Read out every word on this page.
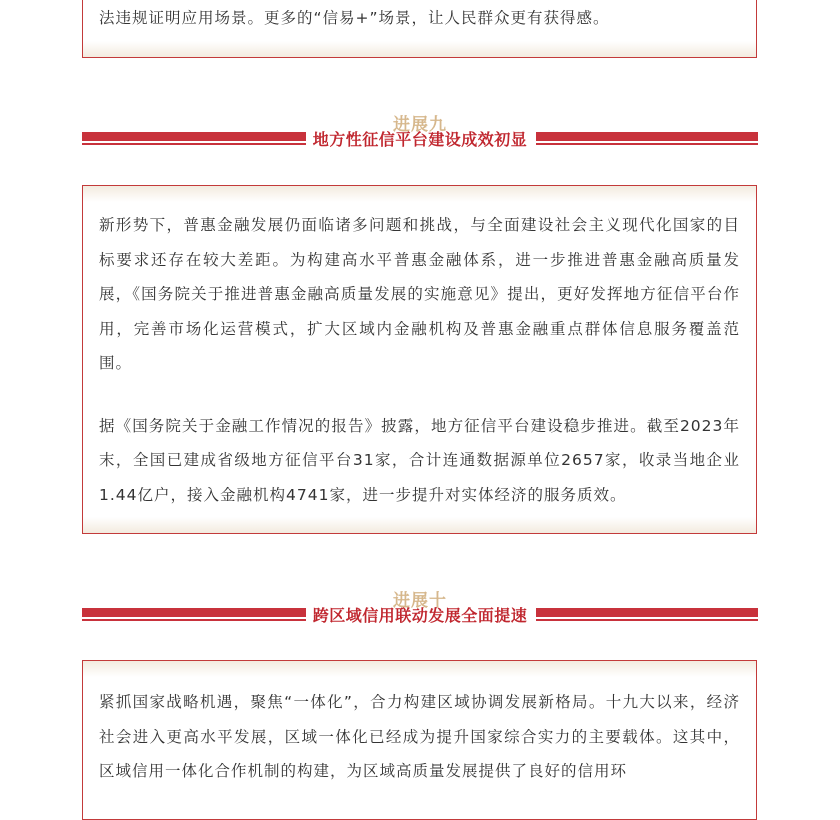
法违规证明应用场景。更多的“信易+”场景，让人民群众更有获得感。

进展九
地方性征信平台建设成效初显

新形势下，普惠金融发展仍面临诸多问题和挑战，与全面建设社会主义现代化国家的目标要求还存在较大差距。为构建高水平普惠金融体系，进一步推进普惠金融高质量发展，《国务院关于推进普惠金融高质量发展的实施意见》提出，更好发挥地方征信平台作用，完善市场化运营模式，扩大区域内金融机构及普惠金融重点群体信息服务覆盖范围。

据《国务院关于金融工作情况的报告》披露，地方征信平台建设稳步推进。截至2023年末，全国已建成省级地方征信平台31家，合计连通数据源单位2657家，收录当地企业1.44亿户，接入金融机构4741家，进一步提升对实体经济的服务质效。

进展十
跨区域信用联动发展全面提速

紧抓国家战略机遇，聚焦“一体化”，合力构建区域协调发展新格局。十九大以来，经济社会进入更高水平发展，区域一体化已经成为提升国家综合实力的主要载体。这其中，区域信用一体化合作机制的构建，为区域高质量发展提供了良好的信用环
